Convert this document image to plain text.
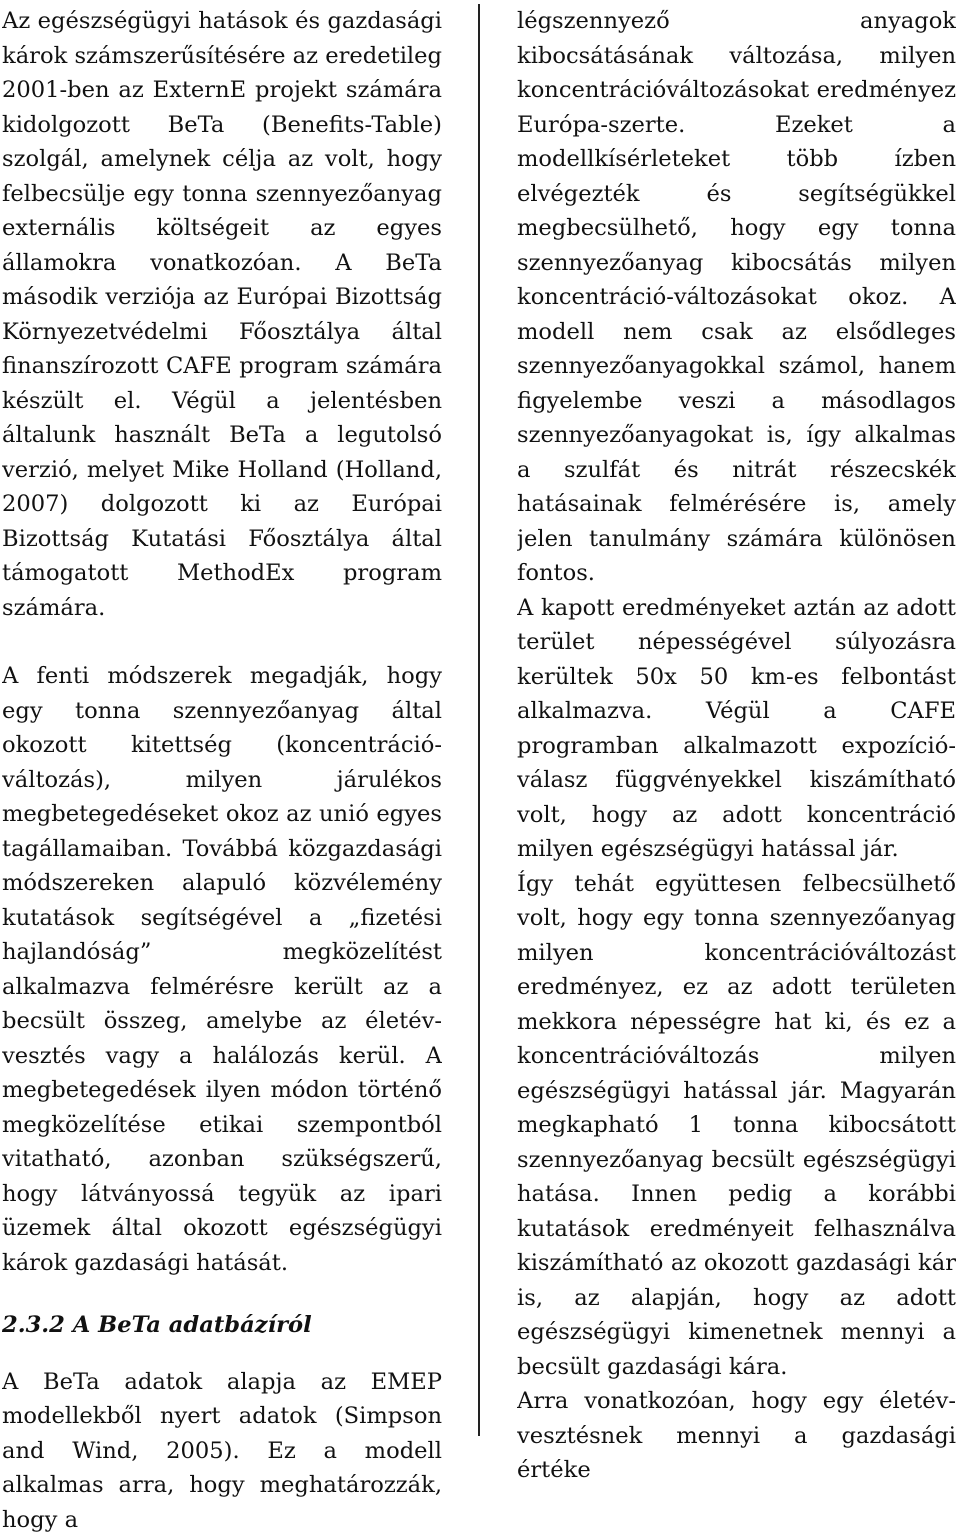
Az egészségügyi hatások és gazdasági károk számszerűsítésére az eredetileg 2001-ben az ExternE projekt számára kidolgozott BeTa (Benefits-Table) szolgál, amelynek célja az volt, hogy felbecsülje egy tonna szennyezőanyag externális költségeit az egyes államokra vonatkozóan. A BeTa második verziója az Európai Bizottság Környezetvédelmi Főosztálya által finanszírozott CAFE program számára készült el. Végül a jelentésben általunk használt BeTa a legutolsó verzió, melyet Mike Holland (Holland, 2007) dolgozott ki az Európai Bizottság Kutatási Főosztálya által támogatott MethodEx program számára.

A fenti módszerek megadják, hogy egy tonna szennyezőanyag által okozott kitettség (koncentráció-változás), milyen járulékos megbetegedéseket okoz az unió egyes tagállamaiban. Továbbá közgazdasági módszereken alapuló közvélemény kutatások segítségével a „fizetési hajlandóság” megközelítést alkalmazva felmérésre került az a becsült összeg, amelybe az életév-vesztés vagy a halálozás kerül. A megbetegedések ilyen módon történő megközelítése etikai szempontból vitatható, azonban szükségszerű, hogy látványossá tegyük az ipari üzemek által okozott egészségügyi károk gazdasági hatását.

2.3.2 A BeTa adatbázíról

A BeTa adatok alapja az EMEP modellekből nyert adatok (Simpson and Wind, 2005). Ez a modell alkalmas arra, hogy meghatározzák, hogy a

légszennyező anyagok kibocsátásának változása, milyen koncentrációváltozásokat eredményez Európa-szerte. Ezeket a modellkísérleteket több ízben elvégezték és segítségükkel megbecsülhető, hogy egy tonna szennyezőanyag kibocsátás milyen koncentráció-változásokat okoz. A modell nem csak az elsődleges szennyezőanyagokkal számol, hanem figyelembe veszi a másodlagos szennyezőanyagokat is, így alkalmas a szulfát és nitrát részecskék hatásainak felmérésére is, amely jelen tanulmány számára különösen fontos.

A kapott eredményeket aztán az adott terület népességével súlyozásra kerültek 50x 50 km-es felbontást alkalmazva. Végül a CAFE programban alkalmazott expozíció-válasz függvényekkel kiszámítható volt, hogy az adott koncentráció milyen egészségügyi hatással jár.

Így tehát együttesen felbecsülhető volt, hogy egy tonna szennyezőanyag milyen koncentrációváltozást eredményez, ez az adott területen mekkora népességre hat ki, és ez a koncentrációváltozás milyen egészségügyi hatással jár. Magyarán megkapható 1 tonna kibocsátott szennyezőanyag becsült egészségügyi hatása. Innen pedig a korábbi kutatások eredményeit felhasználva kiszámítható az okozott gazdasági kár is, az alapján, hogy az adott egészségügyi kimenetnek mennyi a becsült gazdasági kára.

Arra vonatkozóan, hogy egy életév-vesztésnek mennyi a gazdasági értéke
